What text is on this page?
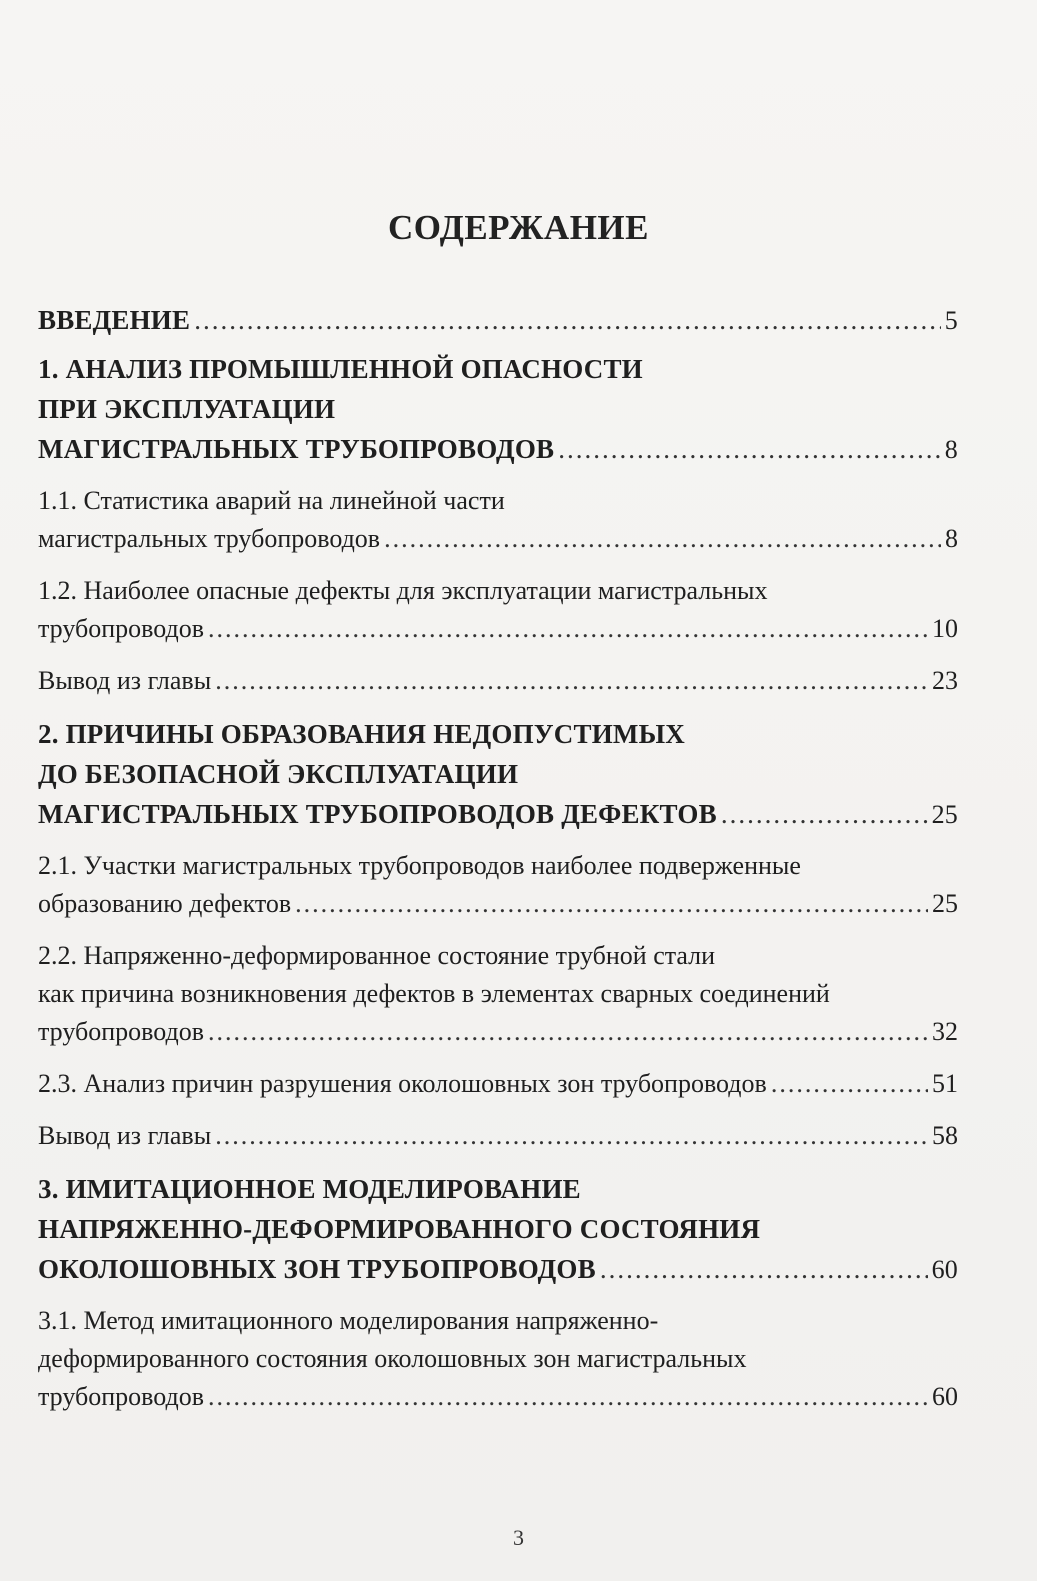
СОДЕРЖАНИЕ
ВВЕДЕНИЕ .....	5
1. АНАЛИЗ ПРОМЫШЛЕННОЙ ОПАСНОСТИ
ПРИ ЭКСПЛУАТАЦИИ
МАГИСТРАЛЬНЫХ ТРУБОПРОВОДОВ .....	8
1.1. Статистика аварий на линейной части
магистральных трубопроводов .....	8
1.2. Наиболее опасные дефекты для эксплуатации магистральных
трубопроводов .....	10
Вывод из главы .....	23
2. ПРИЧИНЫ ОБРАЗОВАНИЯ НЕДОПУСТИМЫХ
ДО БЕЗОПАСНОЙ ЭКСПЛУАТАЦИИ
МАГИСТРАЛЬНЫХ ТРУБОПРОВОДОВ ДЕФЕКТОВ .....	25
2.1. Участки магистральных трубопроводов наиболее подверженные
образованию дефектов .....	25
2.2. Напряженно-деформированное состояние трубной стали
как причина возникновения дефектов в элементах сварных соединений
трубопроводов .....	32
2.3. Анализ причин разрушения околошовных зон трубопроводов .....	51
Вывод из главы .....	58
3. ИМИТАЦИОННОЕ МОДЕЛИРОВАНИЕ
НАПРЯЖЕННО-ДЕФОРМИРОВАННОГО СОСТОЯНИЯ
ОКОЛОШОВНЫХ ЗОН ТРУБОПРОВОДОВ .....	60
3.1. Метод имитационного моделирования напряженно-
деформированного состояния околошовных зон магистральных
трубопроводов .....	60
3
